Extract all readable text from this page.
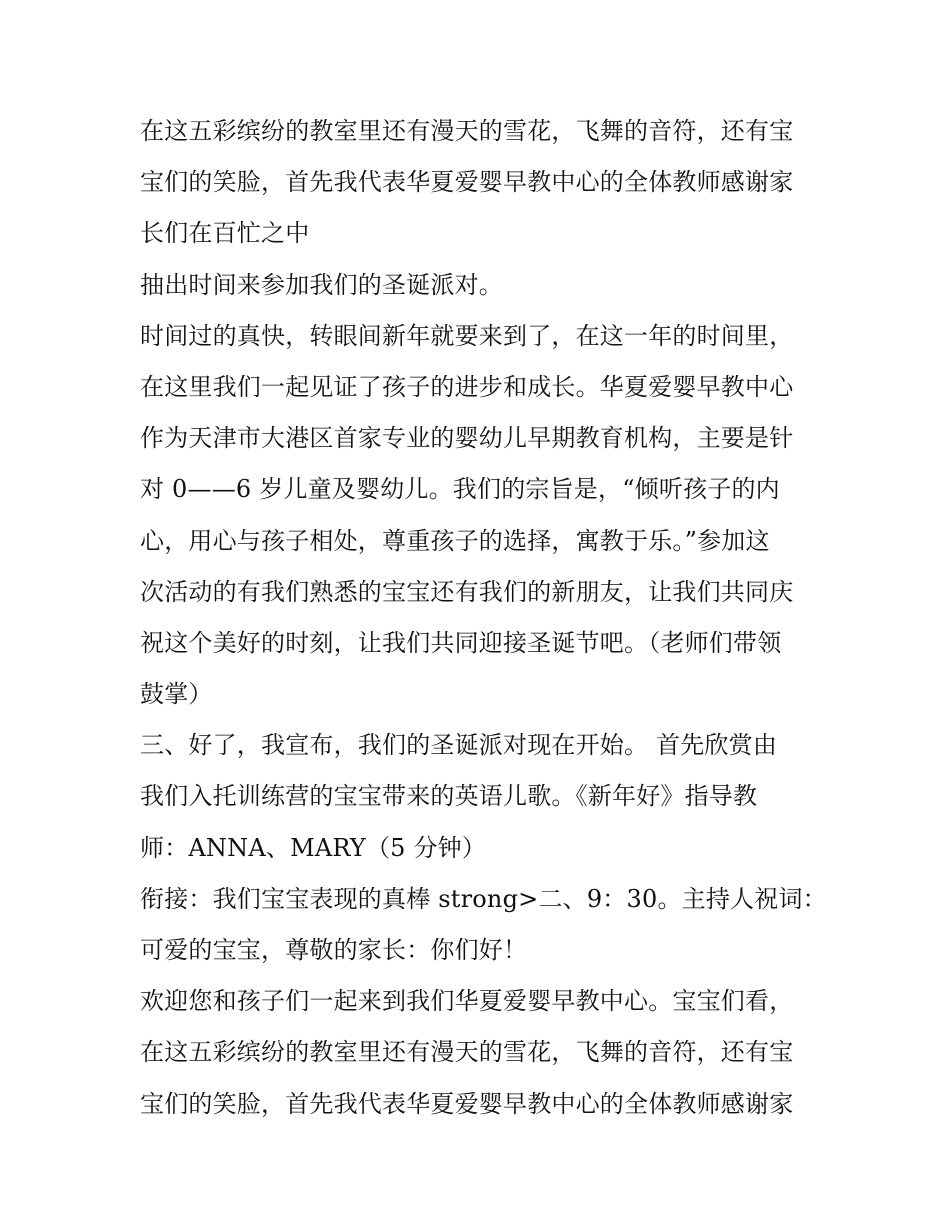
在这五彩缤纷的教室里还有漫天的雪花，飞舞的音符，还有宝
宝们的笑脸，首先我代表华夏爱婴早教中心的全体教师感谢家
长们在百忙之中
抽出时间来参加我们的圣诞派对。
时间过的真快，转眼间新年就要来到了，在这一年的时间里，
在这里我们一起见证了孩子的进步和成长。华夏爱婴早教中心
作为天津市大港区首家专业的婴幼儿早期教育机构，主要是针
对 0——6 岁儿童及婴幼儿。我们的宗旨是，“倾听孩子的内
心，用心与孩子相处，尊重孩子的选择，寓教于乐。”参加这
次活动的有我们熟悉的宝宝还有我们的新朋友，让我们共同庆
祝这个美好的时刻，让我们共同迎接圣诞节吧。（老师们带领
鼓掌）
三、好了，我宣布，我们的圣诞派对现在开始。 首先欣赏由
我们入托训练营的宝宝带来的英语儿歌。《新年好》指导教
师：ANNA、MARY（5 分钟）
衔接：我们宝宝表现的真棒 strong>二、9：30。主持人祝词：
可爱的宝宝，尊敬的家长：你们好！
欢迎您和孩子们一起来到我们华夏爱婴早教中心。宝宝们看，
在这五彩缤纷的教室里还有漫天的雪花，飞舞的音符，还有宝
宝们的笑脸，首先我代表华夏爱婴早教中心的全体教师感谢家
